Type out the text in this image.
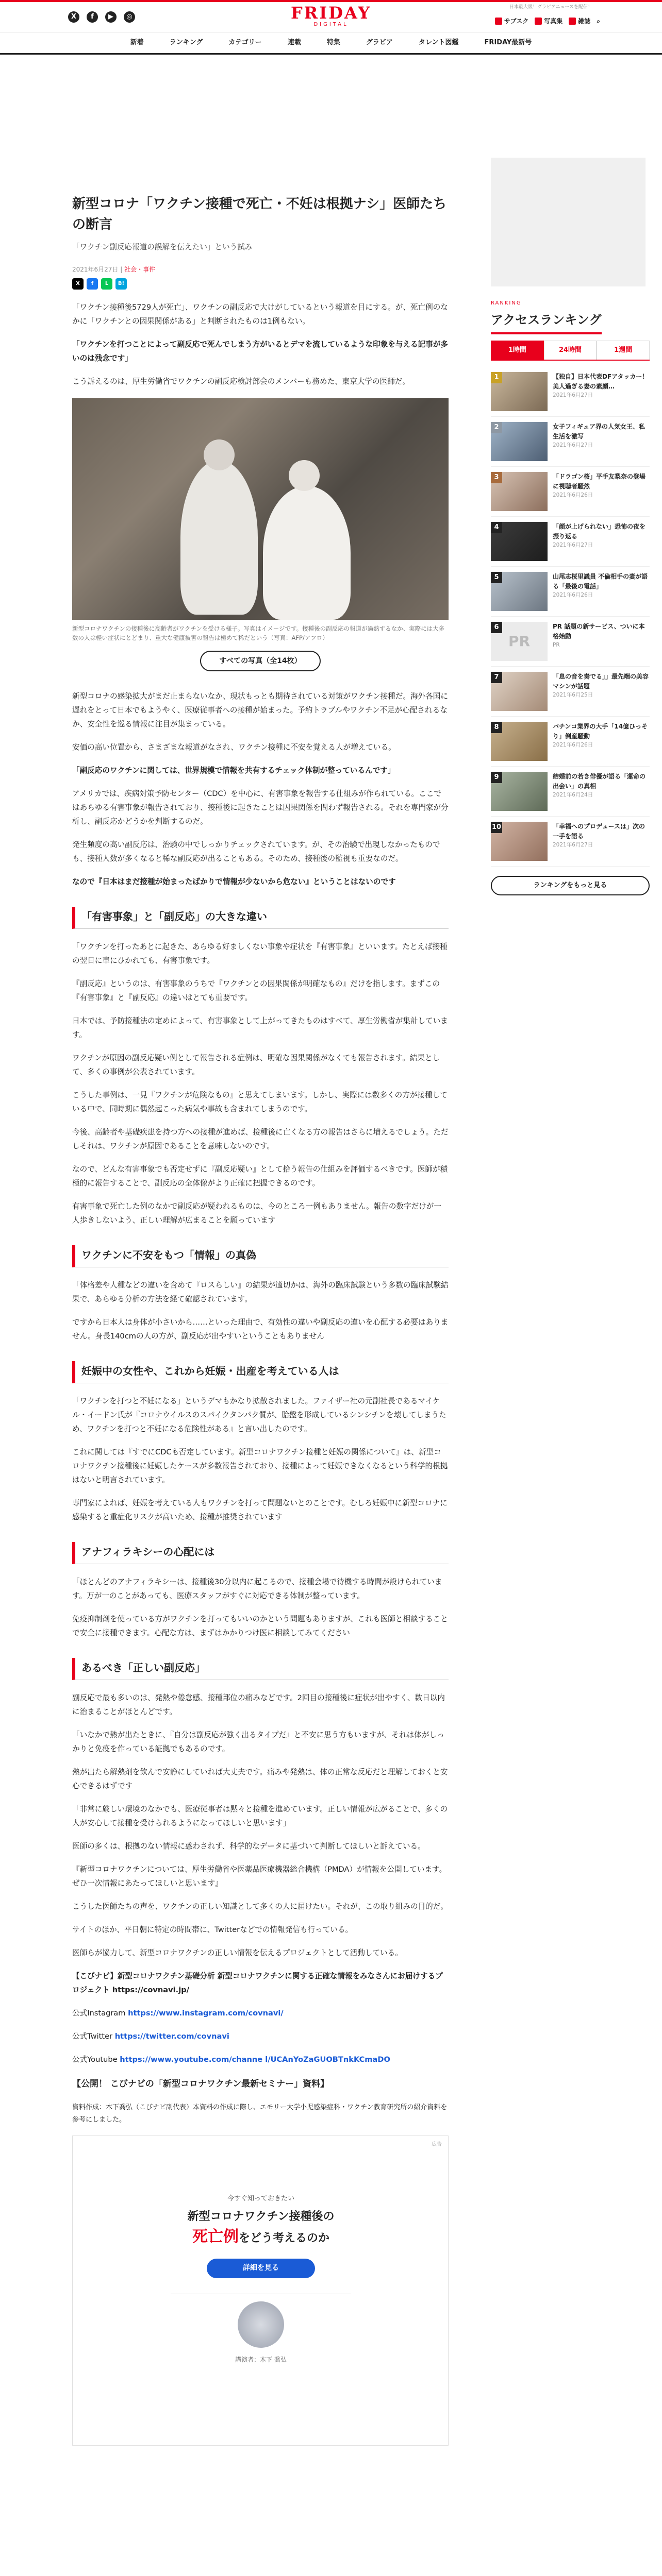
X	f	▶	◎	FRIDAY
DIGITAL
日本最大級！グラビアニュースを配信！
サブスク	写真集	雑誌 ⌕
新着	ランキング	カテゴリー	連載	特集	グラビア	タレント図鑑	FRIDAY最新号
新型コロナ「ワクチン接種で死亡・不妊は根拠ナシ」医師たちの断言

「ワクチン副反応報道の誤解を伝えたい」という試み

2021年6月27日 | 社会・事件
X	f	L	B!

「ワクチン接種後5729人が死亡」、ワクチンの副反応で大けがしているという報道を目にする。が、死亡例のなかに「ワクチンとの因果関係がある」と判断されたものは1例もない。

「ワクチンを打つことによって副反応で死んでしまう方がいるとデマを流しているような印象を与える記事が多いのは残念です」

こう訴えるのは、厚生労働省でワクチンの副反応検討部会のメンバーも務めた、東京大学の医師だ。

新型コロナワクチンの接種後に高齢者がワクチンを受ける様子。写真はイメージです。接種後の副反応の報道が過熱するなか、実際には大多数の人は軽い症状にとどまり、重大な健康被害の報告は極めて稀だという（写真：AFP/アフロ）
すべての写真（全14枚）

新型コロナの感染拡大がまだ止まらないなか、現状もっとも期待されている対策がワクチン接種だ。海外各国に遅れをとって日本でもようやく、医療従事者への接種が始まった。予約トラブルやワクチン不足が心配されるなか、安全性を巡る情報に注目が集まっている。

安価の高い位置から、さまざまな報道がなされ、ワクチン接種に不安を覚える人が増えている。

「副反応のワクチンに関しては、世界規模で情報を共有するチェック体制が整っているんです」

アメリカでは、疾病対策予防センター（CDC）を中心に、有害事象を報告する仕組みが作られている。ここではあらゆる有害事象が報告されており、接種後に起きたことは因果関係を問わず報告される。それを専門家が分析し、副反応かどうかを判断するのだ。

発生頻度の高い副反応は、治験の中でしっかりチェックされています。が、その治験で出現しなかったものでも、接種人数が多くなると稀な副反応が出ることもある。そのため、接種後の監視も重要なのだ。

なので『日本はまだ接種が始まったばかりで情報が少ないから危ない』ということはないのです

「有害事象」と「副反応」の大きな違い

「ワクチンを打ったあとに起きた、あらゆる好ましくない事象や症状を『有害事象』といいます。たとえば接種の翌日に車にひかれても、有害事象です。

『副反応』というのは、有害事象のうちで『ワクチンとの因果関係が明確なもの』だけを指します。まずこの『有害事象』と『副反応』の違いはとても重要です。

日本では、予防接種法の定めによって、有害事象として上がってきたものはすべて、厚生労働省が集計しています。

ワクチンが原因の副反応疑い例として報告される症例は、明確な因果関係がなくても報告されます。結果として、多くの事例が公表されています。

こうした事例は、一見『ワクチンが危険なもの』と思えてしまいます。しかし、実際には数多くの方が接種している中で、同時期に偶然起こった病気や事故も含まれてしまうのです。

今後、高齢者や基礎疾患を持つ方への接種が進めば、接種後に亡くなる方の報告はさらに増えるでしょう。ただしそれは、ワクチンが原因であることを意味しないのです。

なので、どんな有害事象でも否定せずに『副反応疑い』として拾う報告の仕組みを評価するべきです。医師が積極的に報告することで、副反応の全体像がより正確に把握できるのです。

有害事象で死亡した例のなかで副反応が疑われるものは、今のところ一例もありません。報告の数字だけが一人歩きしないよう、正しい理解が広まることを願っています

ワクチンに不安をもつ「情報」の真偽

「体格差や人種などの違いを含めて『ロスらしい』の結果が適切かは、海外の臨床試験という多数の臨床試験結果で、あらゆる分析の方法を経て確認されています。

ですから日本人は身体が小さいから……といった理由で、有効性の違いや副反応の違いを心配する必要はありません。身長140cmの人の方が、副反応が出やすいということもありません

妊娠中の女性や、これから妊娠・出産を考えている人は

「ワクチンを打つと不妊になる」というデマもかなり拡散されました。ファイザー社の元副社長であるマイケル・イードン氏が『コロナウイルスのスパイクタンパク質が、胎盤を形成しているシンシチンを壊してしまうため、ワクチンを打つと不妊になる危険性がある』と言い出したのです。

これに関しては『すでにCDCも否定しています。新型コロナワクチン接種と妊娠の関係について』は、新型コロナワクチン接種後に妊娠したケースが多数報告されており、接種によって妊娠できなくなるという科学的根拠はないと明言されています。

専門家によれば、妊娠を考えている人もワクチンを打って問題ないとのことです。むしろ妊娠中に新型コロナに感染すると重症化リスクが高いため、接種が推奨されています

アナフィラキシーの心配には

「ほとんどのアナフィラキシーは、接種後30分以内に起こるので、接種会場で待機する時間が設けられています。万が一のことがあっても、医療スタッフがすぐに対応できる体制が整っています。

免疫抑制剤を使っている方がワクチンを打ってもいいのかという問題もありますが、これも医師と相談することで安全に接種できます。心配な方は、まずはかかりつけ医に相談してみてください

あるべき「正しい副反応」

副反応で最も多いのは、発熱や倦怠感、接種部位の痛みなどです。2回目の接種後に症状が出やすく、数日以内に治まることがほとんどです。

「いなかで熱が出たときに、『自分は副反応が強く出るタイプだ』と不安に思う方もいますが、それは体がしっかりと免疫を作っている証拠でもあるのです。

熱が出たら解熱剤を飲んで安静にしていれば大丈夫です。痛みや発熱は、体の正常な反応だと理解しておくと安心できるはずです

「非常に厳しい環境のなかでも、医療従事者は黙々と接種を進めています。正しい情報が広がることで、多くの人が安心して接種を受けられるようになってほしいと思います」

医師の多くは、根拠のない情報に惑わされず、科学的なデータに基づいて判断してほしいと訴えている。

『新型コロナワクチンについては、厚生労働省や医薬品医療機器総合機構（PMDA）が情報を公開しています。ぜひ一次情報にあたってほしいと思います』

こうした医師たちの声を、ワクチンの正しい知識として多くの人に届けたい。それが、この取り組みの目的だ。

サイトのほか、平日朝に特定の時間帯に、Twitterなどでの情報発信も行っている。

医師らが協力して、新型コロナワクチンの正しい情報を伝えるプロジェクトとして活動している。

【こびナビ】新型コロナワクチン基礎分析 新型コロナワクチンに関する正確な情報をみなさんにお届けするプロジェクト https://covnavi.jp/

公式Instagram https://www.instagram.com/covnavi/

公式Twitter https://twitter.com/covnavi

公式Youtube https://www.youtube.com/channe l/UCAnYoZaGUOBTnkKCmaDO

【公開！ こびナビの「新型コロナワクチン最新セミナー」資料】

資料作成：木下喬弘（こびナビ副代表）本資料の作成に際し、エモリー大学小児感染症科・ワクチン教育研究所の紹介資料を参考にしました。

広告
今すぐ知っておきたい
新型コロナワクチン接種後の
死亡例をどう考えるのか
詳細を見る
講演者：木下 喬弘
RANKING
アクセスランキング
1時間	24時間	1週間
1	【独自】日本代表DFアタッカー！美人過ぎる妻の素顔…
2021年6月27日
2	女子フィギュア界の人気女王、私生活を激写
2021年6月27日
3	「ドラゴン桜」平手友梨奈の登場に視聴者騒然
2021年6月26日
4	「顔が上げられない」恐怖の夜を振り返る
2021年6月27日
5	山尾志桜里議員 不倫相手の妻が語る「最後の電話」
2021年6月26日
6
PR
PR 話題の新サービス、ついに本格始動
PR
7	「息の音を奏でる」」最先端の美容マシンが話題
2021年6月25日
8	パチンコ業界の大手「14億ひっそり」倒産騒動
2021年6月26日
9	結婚前の若き俳優が語る「運命の出会い」の真相
2021年6月24日
10	「幸福へのプロデュースは」次の一手を語る
2021年6月27日
ランキングをもっと見る
